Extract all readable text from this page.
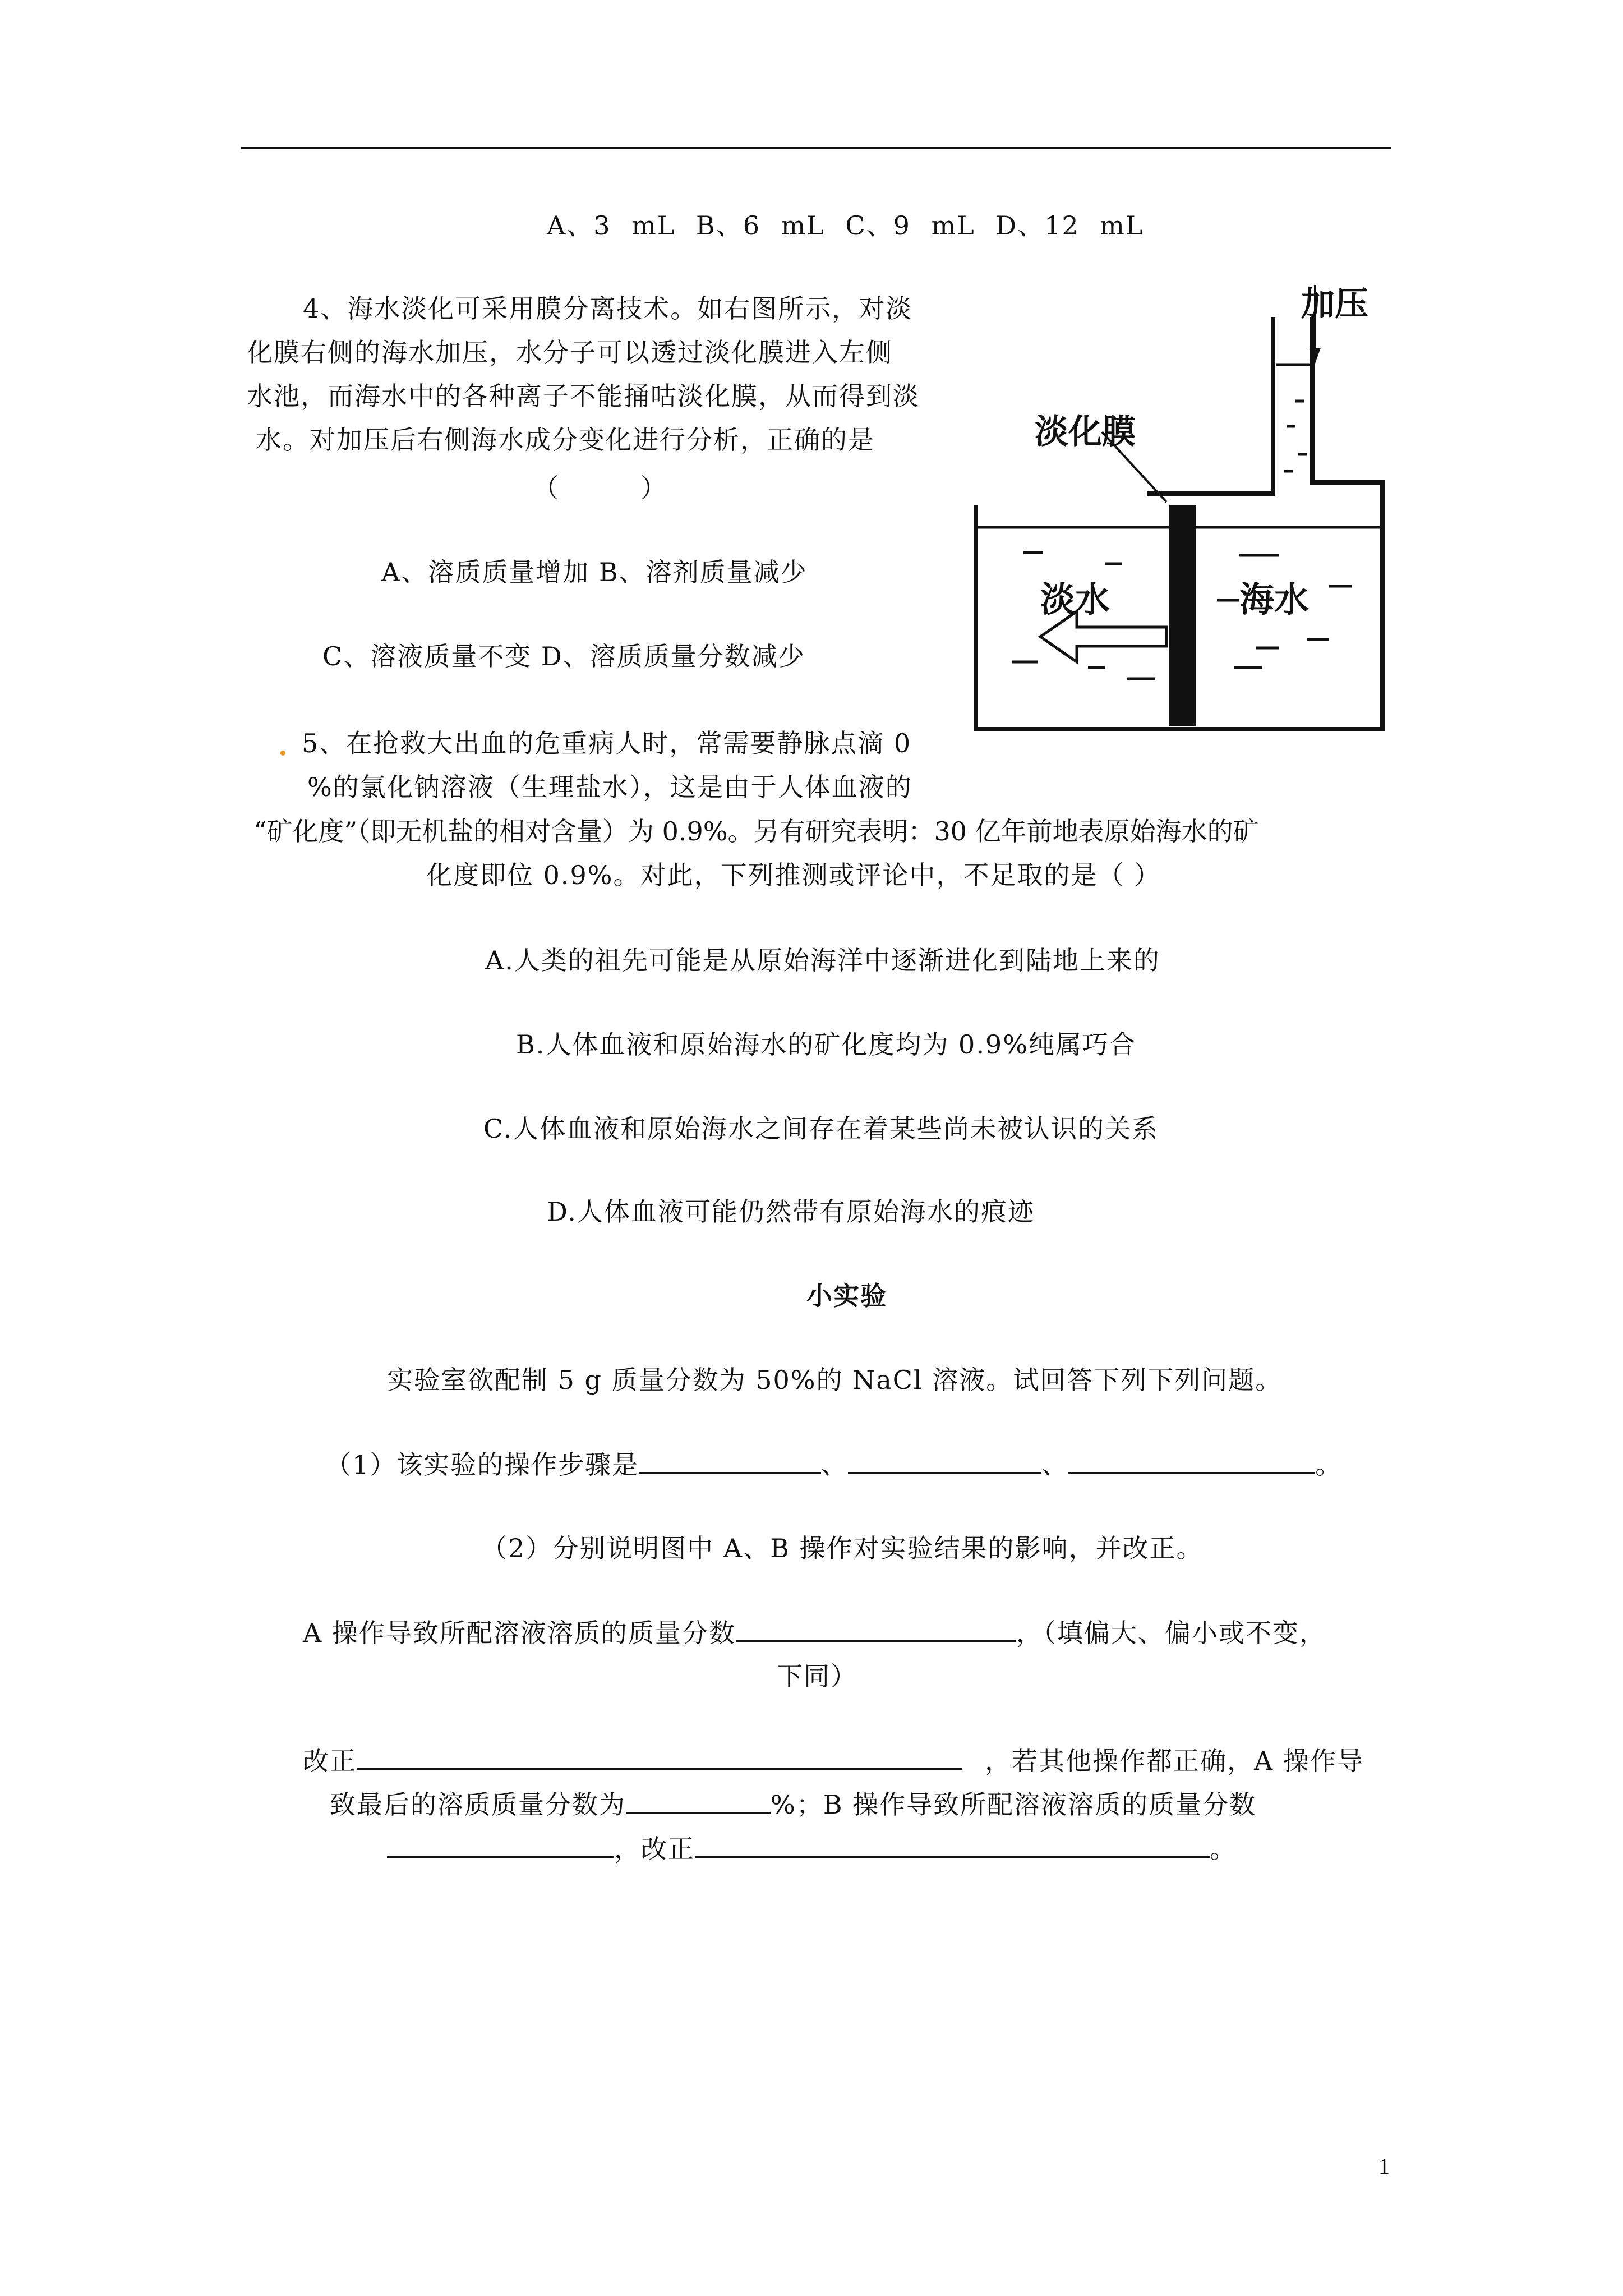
A、3 mL B、6 mL C、9 mL D、12 mL
4、海水淡化可采用膜分离技术。如右图所示，对淡
化膜右侧的海水加压，水分子可以透过淡化膜进入左侧
水池，而海水中的各种离子不能捅咕淡化膜，从而得到淡
水。对加压后右侧海水成分变化进行分析，正确的是
（　　　）
A、溶质质量增加 B、溶剂质量减少
C、溶液质量不变 D、溶质质量分数减少
加压
淡化膜
淡水	海水
5、在抢救大出血的危重病人时，常需要静脉点滴 0
%的氯化钠溶液（生理盐水），这是由于人体血液的
“矿化度”（即无机盐的相对含量）为 0.9%。另有研究表明：30 亿年前地表原始海水的矿
化度即位 0.9%。对此，下列推测或评论中，不足取的是（ ）
A.人类的祖先可能是从原始海洋中逐渐进化到陆地上来的
B.人体血液和原始海水的矿化度均为 0.9%纯属巧合
C.人体血液和原始海水之间存在着某些尚未被认识的关系
D.人体血液可能仍然带有原始海水的痕迹
小实验
实验室欲配制 5 g 质量分数为 50%的 NaCl 溶液。试回答下列下列问题。
（1）该实验的操作步骤是	、	、	。
（2）分别说明图中 A、B 操作对实验结果的影响，并改正。
A 操作导致所配溶液溶质的质量分数	，（填偏大、偏小或不变，
下同）
改正	，若其他操作都正确，A 操作导
致最后的溶质质量分数为	%；B 操作导致所配溶液溶质的质量分数
，改正	。
1
